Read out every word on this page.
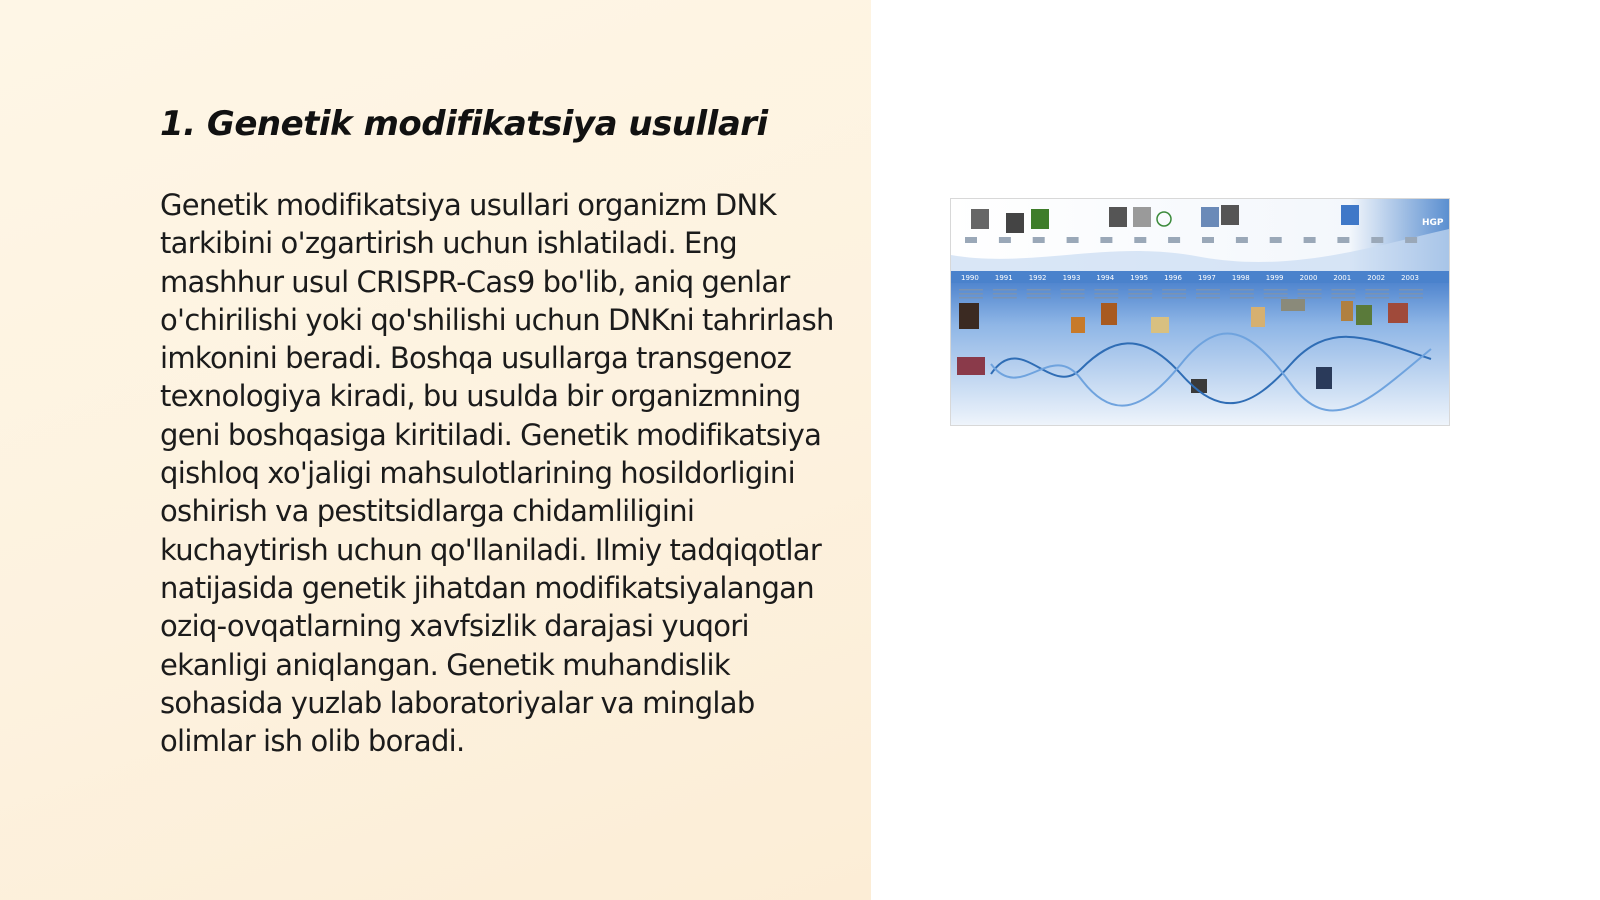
1. Genetik modifikatsiya usullari

Genetik modifikatsiya usullari organizm DNK tarkibini o'zgartirish uchun ishlatiladi. Eng mashhur usul CRISPR-Cas9 bo'lib, aniq genlar o'chirilishi yoki qo'shilishi uchun DNKni tahrirlash imkonini beradi. Boshqa usullarga transgenoz texnologiya kiradi, bu usulda bir organizmning geni boshqasiga kiritiladi. Genetik modifikatsiya qishloq xo'jaligi mahsulotlarining hosildorligini oshirish va pestitsidlarga chidamliligini kuchaytirish uchun qo'llaniladi. Ilmiy tadqiqotlar natijasida genetik jihatdan modifikatsiyalangan oziq-ovqatlarning xavfsizlik darajasi yuqori ekanligi aniqlangan. Genetik muhandislik sohasida yuzlab laboratoriyalar va minglab olimlar ish olib boradi.

1990 1991 1992 1993 1994 1995 1996 1997 1998 1999 2000 2001 2002 2003
HGP
